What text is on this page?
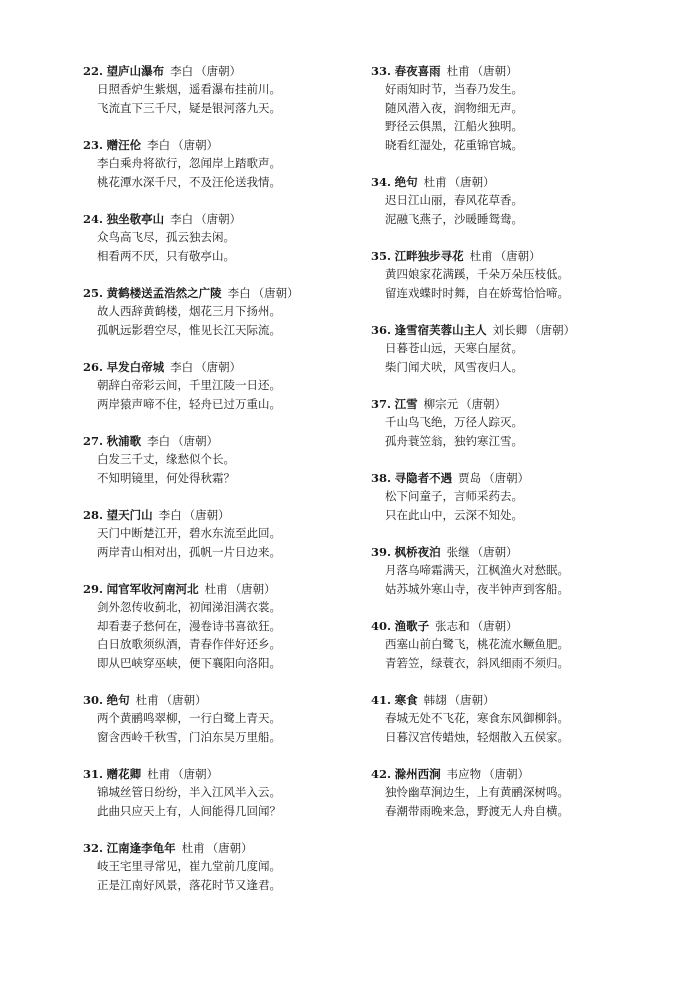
22. 望庐山瀑布 李白 （唐朝）
日照香炉生紫烟，遥看瀑布挂前川。
飞流直下三千尺，疑是银河落九天。
23. 赠汪伦 李白 （唐朝）
李白乘舟将欲行，忽闻岸上踏歌声。
桃花潭水深千尺，不及汪伦送我情。
24. 独坐敬亭山 李白 （唐朝）
众鸟高飞尽，孤云独去闲。
相看两不厌，只有敬亭山。
25. 黄鹤楼送孟浩然之广陵 李白 （唐朝）
故人西辞黄鹤楼，烟花三月下扬州。
孤帆远影碧空尽，惟见长江天际流。
26. 早发白帝城 李白 （唐朝）
朝辞白帝彩云间，千里江陵一日还。
两岸猿声啼不住，轻舟已过万重山。
27. 秋浦歌 李白 （唐朝）
白发三千丈，缘愁似个长。
不知明镜里，何处得秋霜？
28. 望天门山 李白 （唐朝）
天门中断楚江开，碧水东流至此回。
两岸青山相对出，孤帆一片日边来。
29. 闻官军收河南河北 杜甫 （唐朝）
剑外忽传收蓟北，初闻涕泪满衣裳。
却看妻子愁何在，漫卷诗书喜欲狂。
白日放歌须纵酒，青春作伴好还乡。
即从巴峡穿巫峡，便下襄阳向洛阳。
30. 绝句 杜甫 （唐朝）
两个黄鹂鸣翠柳，一行白鹭上青天。
窗含西岭千秋雪，门泊东吴万里船。
31. 赠花卿 杜甫 （唐朝）
锦城丝管日纷纷，半入江风半入云。
此曲只应天上有，人间能得几回闻？
32. 江南逢李龟年 杜甫 （唐朝）
岐王宅里寻常见，崔九堂前几度闻。
正是江南好风景，落花时节又逢君。
33. 春夜喜雨 杜甫 （唐朝）
好雨知时节，当春乃发生。
随风潜入夜，润物细无声。
野径云俱黑，江船火独明。
晓看红湿处，花重锦官城。
34. 绝句 杜甫 （唐朝）
迟日江山丽，春风花草香。
泥融飞燕子，沙暖睡鸳鸯。
35. 江畔独步寻花 杜甫 （唐朝）
黄四娘家花满蹊，千朵万朵压枝低。
留连戏蝶时时舞，自在娇莺恰恰啼。
36. 逢雪宿芙蓉山主人 刘长卿 （唐朝）
日暮苍山远，天寒白屋贫。
柴门闻犬吠，风雪夜归人。
37. 江雪 柳宗元 （唐朝）
千山鸟飞绝，万径人踪灭。
孤舟蓑笠翁，独钓寒江雪。
38. 寻隐者不遇 贾岛 （唐朝）
松下问童子，言师采药去。
只在此山中，云深不知处。
39. 枫桥夜泊 张继 （唐朝）
月落乌啼霜满天，江枫渔火对愁眠。
姑苏城外寒山寺，夜半钟声到客船。
40. 渔歌子 张志和 （唐朝）
西塞山前白鹭飞，桃花流水鳜鱼肥。
青箬笠，绿蓑衣，斜风细雨不须归。
41. 寒食 韩翃 （唐朝）
春城无处不飞花，寒食东风御柳斜。
日暮汉宫传蜡烛，轻烟散入五侯家。
42. 滁州西涧 韦应物 （唐朝）
独怜幽草涧边生，上有黄鹂深树鸣。
春潮带雨晚来急，野渡无人舟自横。
